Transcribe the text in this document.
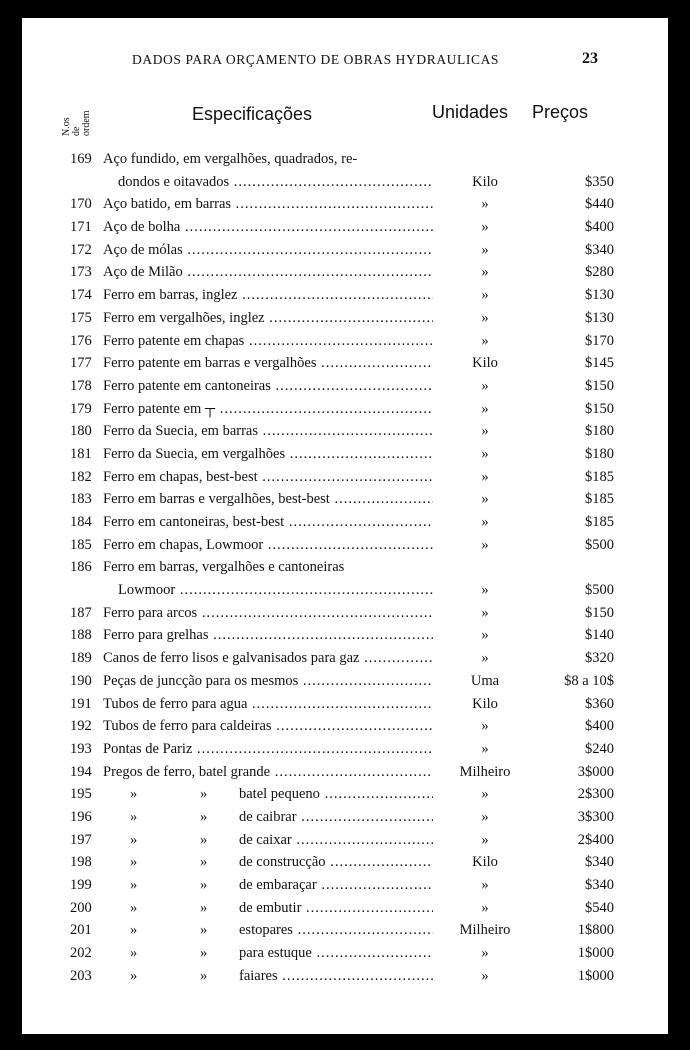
DADOS PARA ORÇAMENTO DE OBRAS HYDRAULICAS	23
N.os de ordem	Especificações	Unidades Preços
169 Aço fundido, em vergalhões, quadrados, re-
dondos e oitavados .....	Kilo	$350
170 Aço batido, em barras .....	»	$440
171 Aço de bolha .....	»	$400
172 Aço de mólas .....	»	$340
173 Aço de Milão .....	»	$280
174 Ferro em barras, inglez .....	»	$130
175 Ferro em vergalhões, inglez .....	»	$130
176 Ferro patente em chapas .....	»	$170
177 Ferro patente em barras e vergalhões .....	Kilo	$145
178 Ferro patente em cantoneiras .....	»	$150
179 Ferro patente em ┬ .....	»	$150
180 Ferro da Suecia, em barras .....	»	$180
181 Ferro da Suecia, em vergalhões .....	»	$180
182 Ferro em chapas, best-best .....	»	$185
183 Ferro em barras e vergalhões, best-best .....	»	$185
184 Ferro em cantoneiras, best-best .....	»	$185
185 Ferro em chapas, Lowmoor .....	»	$500
186 Ferro em barras, vergalhões e cantoneiras
Lowmoor .....	»	$500
187 Ferro para arcos .....	»	$150
188 Ferro para grelhas .....	»	$140
189 Canos de ferro lisos e galvanisados para gaz .....	»	$320
190 Peças de juncção para os mesmos .....	Uma	$8 a 10$
191 Tubos de ferro para agua .....	Kilo	$360
192 Tubos de ferro para caldeiras .....	»	$400
193 Pontas de Pariz .....	»	$240
194 Pregos de ferro, batel grande .....	Milheiro	3$000
195	»	» batel pequeno .....	»	2$300
196	»	» de caibrar .....	»	3$300
197	»	» de caixar .....	»	2$400
198	»	» de construcção .....	Kilo	$340
199	»	» de embaraçar .....	»	$340
200	»	» de embutir .....	»	$540
201	»	» estopares .....	Milheiro	1$800
202	»	» para estuque .....	»	1$000
203	»	» faiares .....	»	1$000
